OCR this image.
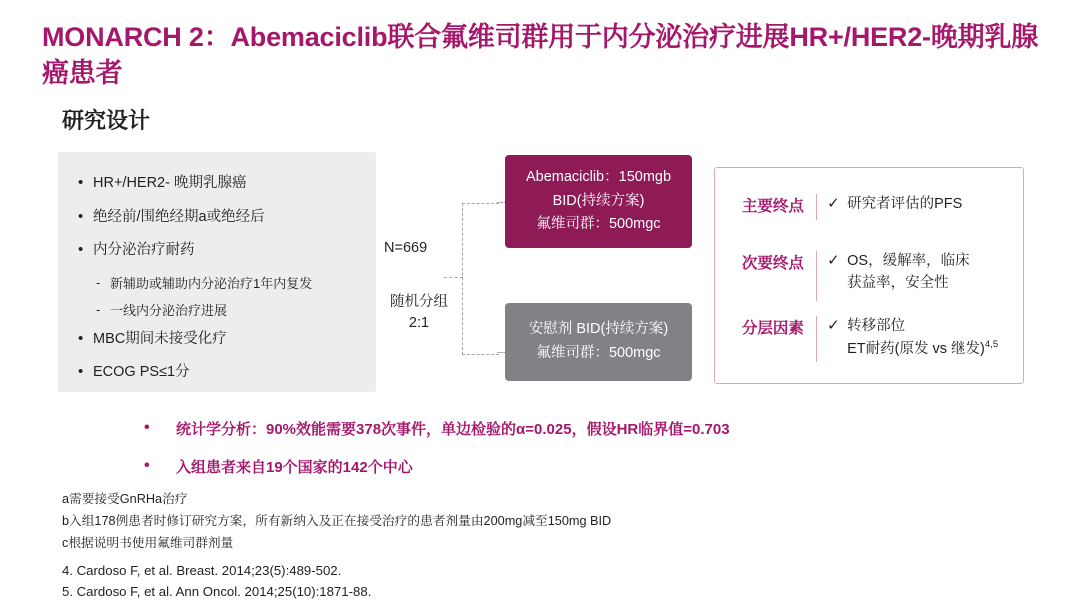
MONARCH 2：Abemaciclib联合氟维司群用于内分泌治疗进展HR+/HER2-晚期乳腺癌患者
研究设计
• HR+/HER2- 晚期乳腺癌
• 绝经前/围绝经期a或绝经后
• 内分泌治疗耐药
- 新辅助或辅助内分泌治疗1年内复发
- 一线内分泌治疗进展
• MBC期间未接受化疗
• ECOG PS≤1分
N=669
随机分组
2:1
Abemaciclib：150mgb
BID(持续方案)
氟维司群：500mgc
安慰剂 BID(持续方案)
氟维司群：500mgc
主要终点	✓ 研究者评估的PFS
次要终点	✓ OS，缓解率，临床
获益率，安全性
分层因素	✓ 转移部位
ET耐药(原发 vs 继发)$^{4,5}$
• 统计学分析：90%效能需要378次事件，单边检验的α=0.025，假设HR临界值=0.703
• 入组患者来自19个国家的142个中心
a需要接受GnRHa治疗
b入组178例患者时修订研究方案，所有新纳入及正在接受治疗的患者剂量由200mg减至150mg BID
c根据说明书使用氟维司群剂量
4. Cardoso F, et al. Breast. 2014;23(5):489-502.
5. Cardoso F, et al. Ann Oncol. 2014;25(10):1871-88.
